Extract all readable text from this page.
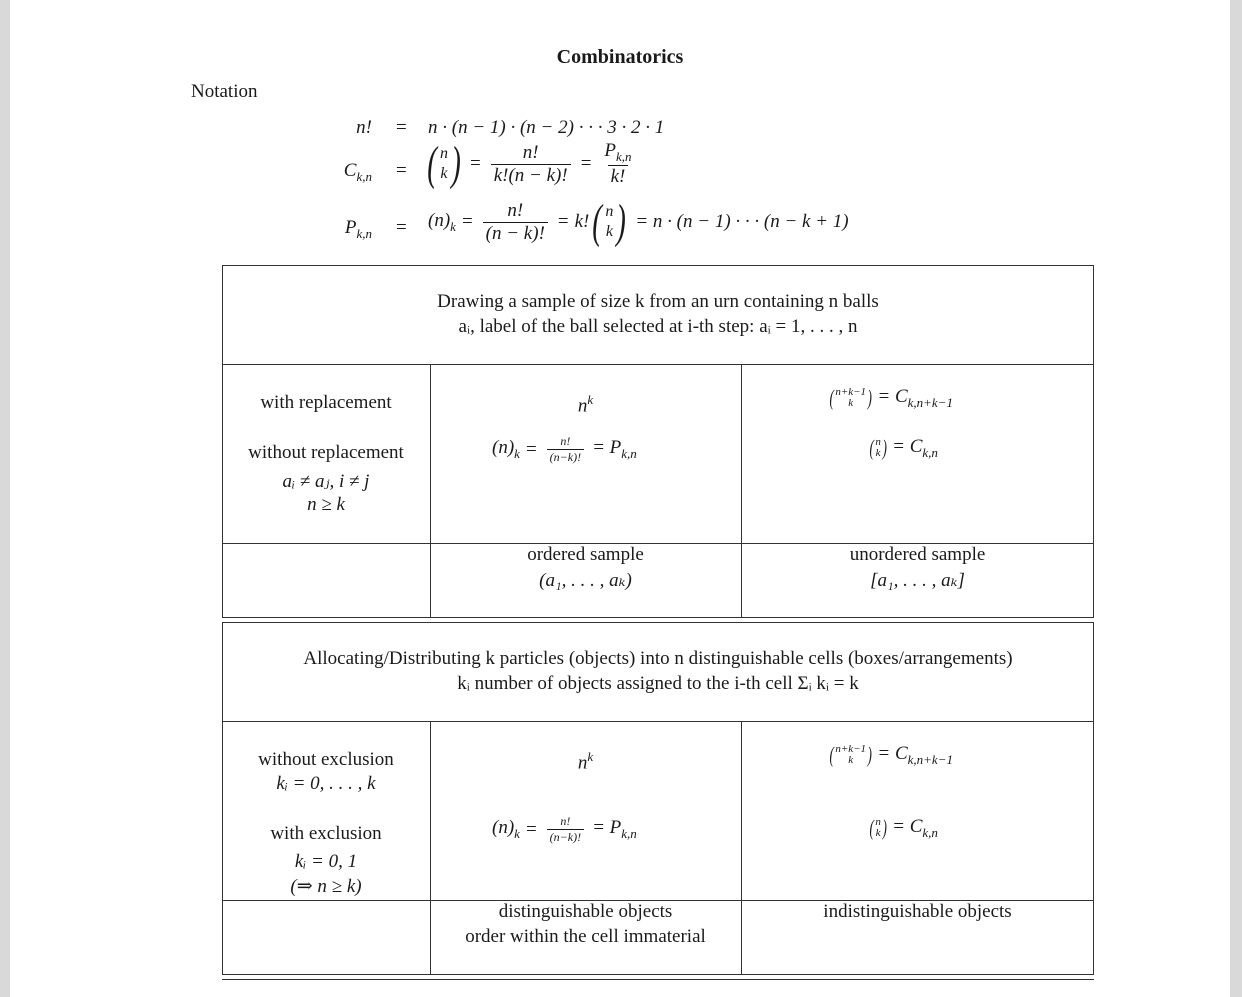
Combinatorics
Notation
n! = n · (n − 1) · (n − 2) · · · 3 · 2 · 1
$C_{k,n}$ = ( n
k ) = $\frac{n!}{k!(n - k)!} = \frac{P_{k,n}}{k!}$
$P_{k,n} = (n)_k = \frac{n!}{(n - k)!} = k$! ( n
k ) = n · (n − 1) · · · (n − k + 1)
Drawing a sample of size k from an urn containing n balls
aᵢ, label of the ball selected at i-th step: aᵢ = 1, . . . , n
with replacement
without replacement
aᵢ ≠ aⱼ, i ≠ j
n ≥ k
$n^k$
$(n)_k = \frac{n!}{(n-k)!} = P_{k,n}$
( n+k−1
k ) = $C_{k,n+k-1}$
( n
k ) = $C_{k,n}$
ordered sample
(a₁, . . . , aₖ)
unordered sample
[a₁, . . . , aₖ]
Allocating/Distributing k particles (objects) into n distinguishable cells (boxes/arrangements)
kᵢ number of objects assigned to the i-th cell Σᵢ kᵢ = k
without exclusion
kᵢ = 0, . . . , k
with exclusion
kᵢ = 0, 1
(⇒ n ≥ k)
$n^k$
$(n)_k = \frac{n!}{(n-k)!} = P_{k,n}$
( n+k−1
k ) = $C_{k,n+k-1}$
( n
k ) = $C_{k,n}$
distinguishable objects
order within the cell immaterial
indistinguishable objects
